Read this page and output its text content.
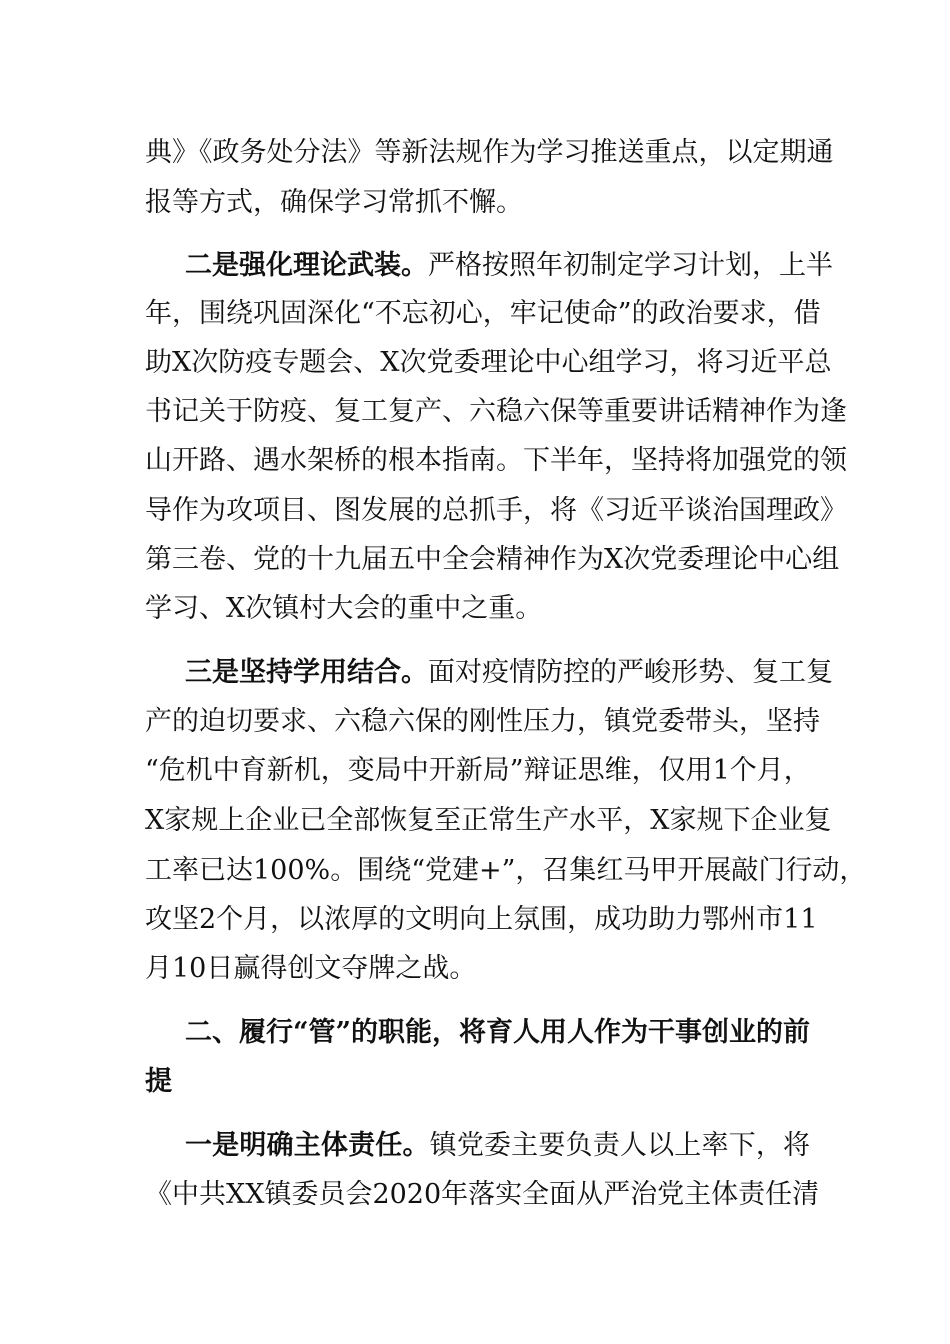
典》《政务处分法》等新法规作为学习推送重点，以定期通
报等方式，确保学习常抓不懈。
二是强化理论武装。严格按照年初制定学习计划，上半
年，围绕巩固深化“不忘初心，牢记使命”的政治要求，借
助X次防疫专题会、X次党委理论中心组学习，将习近平总
书记关于防疫、复工复产、六稳六保等重要讲话精神作为逢
山开路、遇水架桥的根本指南。下半年，坚持将加强党的领
导作为攻项目、图发展的总抓手，将《习近平谈治国理政》
第三卷、党的十九届五中全会精神作为X次党委理论中心组
学习、X次镇村大会的重中之重。
三是坚持学用结合。面对疫情防控的严峻形势、复工复
产的迫切要求、六稳六保的刚性压力，镇党委带头，坚持
“危机中育新机，变局中开新局”辩证思维，仅用1个月，
X家规上企业已全部恢复至正常生产水平，X家规下企业复
工率已达100%。围绕“党建+”，召集红马甲开展敲门行动，
攻坚2个月，以浓厚的文明向上氛围，成功助力鄂州市11
月10日赢得创文夺牌之战。
二、履行“管”的职能，将育人用人作为干事创业的前
提
一是明确主体责任。镇党委主要负责人以上率下，将
《中共XX镇委员会2020年落实全面从严治党主体责任清
